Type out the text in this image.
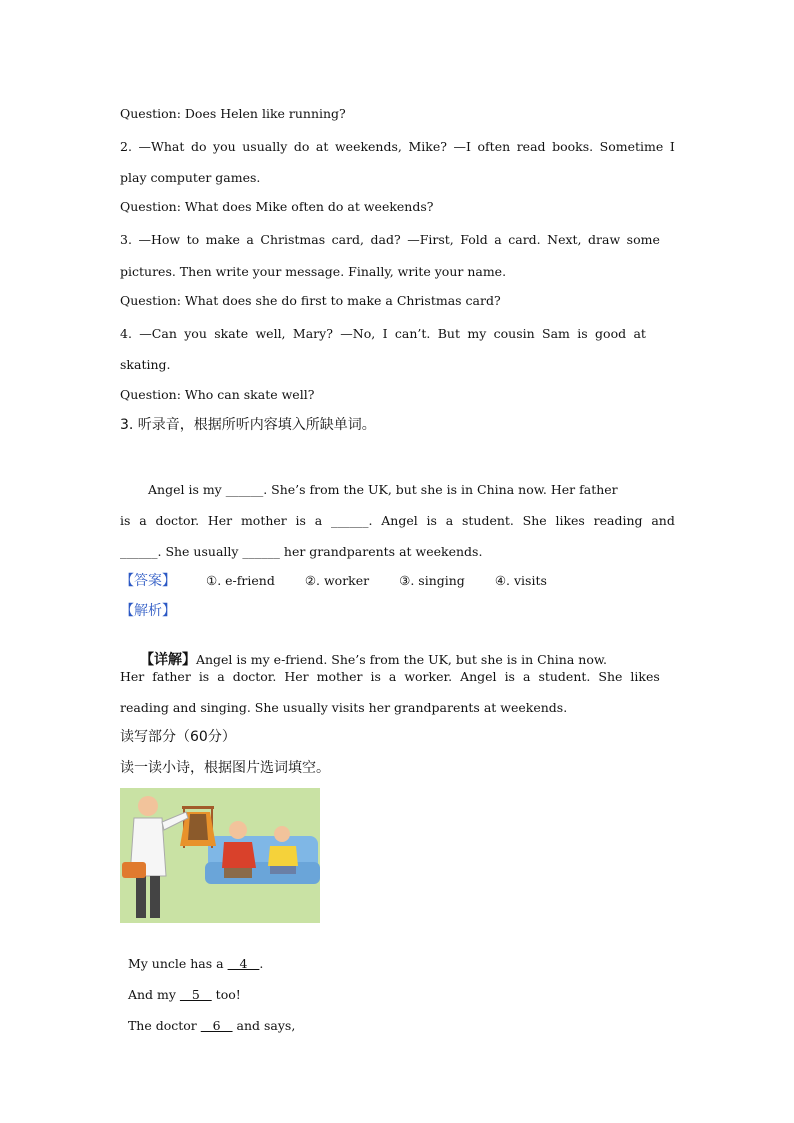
Question: Does Helen like running?
2. —What do you usually do at weekends, Mike? —I often read books. Sometime I
play computer games.
Question: What does Mike often do at weekends?
3. —How to make a Christmas card, dad? —First, Fold a card. Next, draw some
pictures. Then write your message. Finally, write your name.
Question: What does she do first to make a Christmas card?
4. —Can you skate well, Mary? —No, I can’t. But my cousin Sam is good at
skating.
Question: Who can skate well?
3. 听录音，根据所听内容填入所缺单词。
Angel is my ______. She’s from the UK, but she is in China now. Her father
is a doctor. Her mother is a ______. Angel is a student. She likes reading and
______. She usually ______ her grandparents at weekends.
【答案】 ①. e-friend ②. worker ③. singing ④. visits
【解析】

【详解】Angel is my e-friend. She’s from the UK, but she is in China now.

Her father is a doctor. Her mother is a worker. Angel is a student. She likes
reading and singing. She usually visits her grandparents at weekends.
读写部分（60分）
读一读小诗，根据图片选词填空。

My uncle has a    4   .

And my    5    too!

The doctor    6    and says,
